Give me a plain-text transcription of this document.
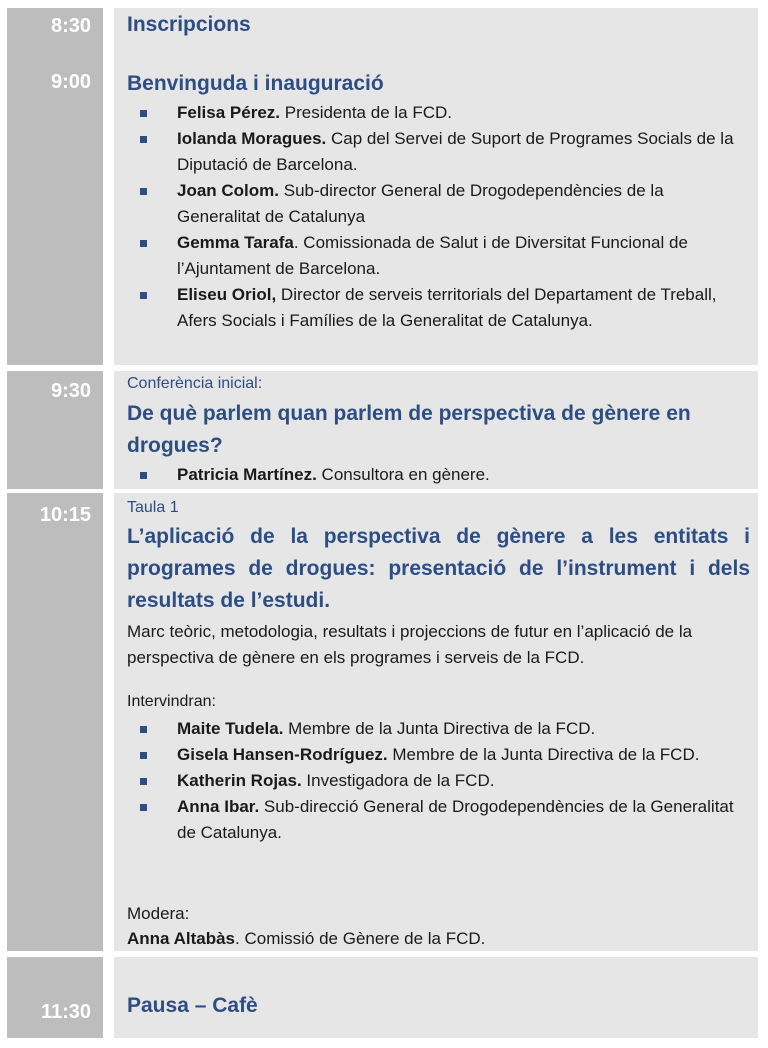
8:30
9:00
Inscripcions
Benvinguda i inauguració
Felisa Pérez. Presidenta de la FCD.
Iolanda Moragues. Cap del Servei de Suport de Programes Socials de la Diputació de Barcelona.
Joan Colom. Sub-director General de Drogodependències de la Generalitat de Catalunya
Gemma Tarafa. Comissionada de Salut i de Diversitat Funcional de l’Ajuntament de Barcelona.
Eliseu Oriol, Director de serveis territorials del Departament de Treball, Afers Socials i Famílies de la Generalitat de Catalunya.
9:30 Conferència inicial:
De què parlem quan parlem de perspectiva de gènere en drogues?
Patricia Martínez. Consultora en gènere.
10:15 Taula 1
L’aplicació de la perspectiva de gènere a les entitats i programes de drogues: presentació de l’instrument i dels resultats de l’estudi.
Marc teòric, metodologia, resultats i projeccions de futur en l’aplicació de la perspectiva de gènere en els programes i serveis de la FCD.
Intervindran:
Maite Tudela. Membre de la Junta Directiva de la FCD.
Gisela Hansen-Rodríguez. Membre de la Junta Directiva de la FCD.
Katherin Rojas. Investigadora de la FCD.
Anna Ibar. Sub-direcció General de Drogodependències de la Generalitat de Catalunya.
Modera:
Anna Altabàs. Comissió de Gènere de la FCD.
11:30 Pausa – Cafè
